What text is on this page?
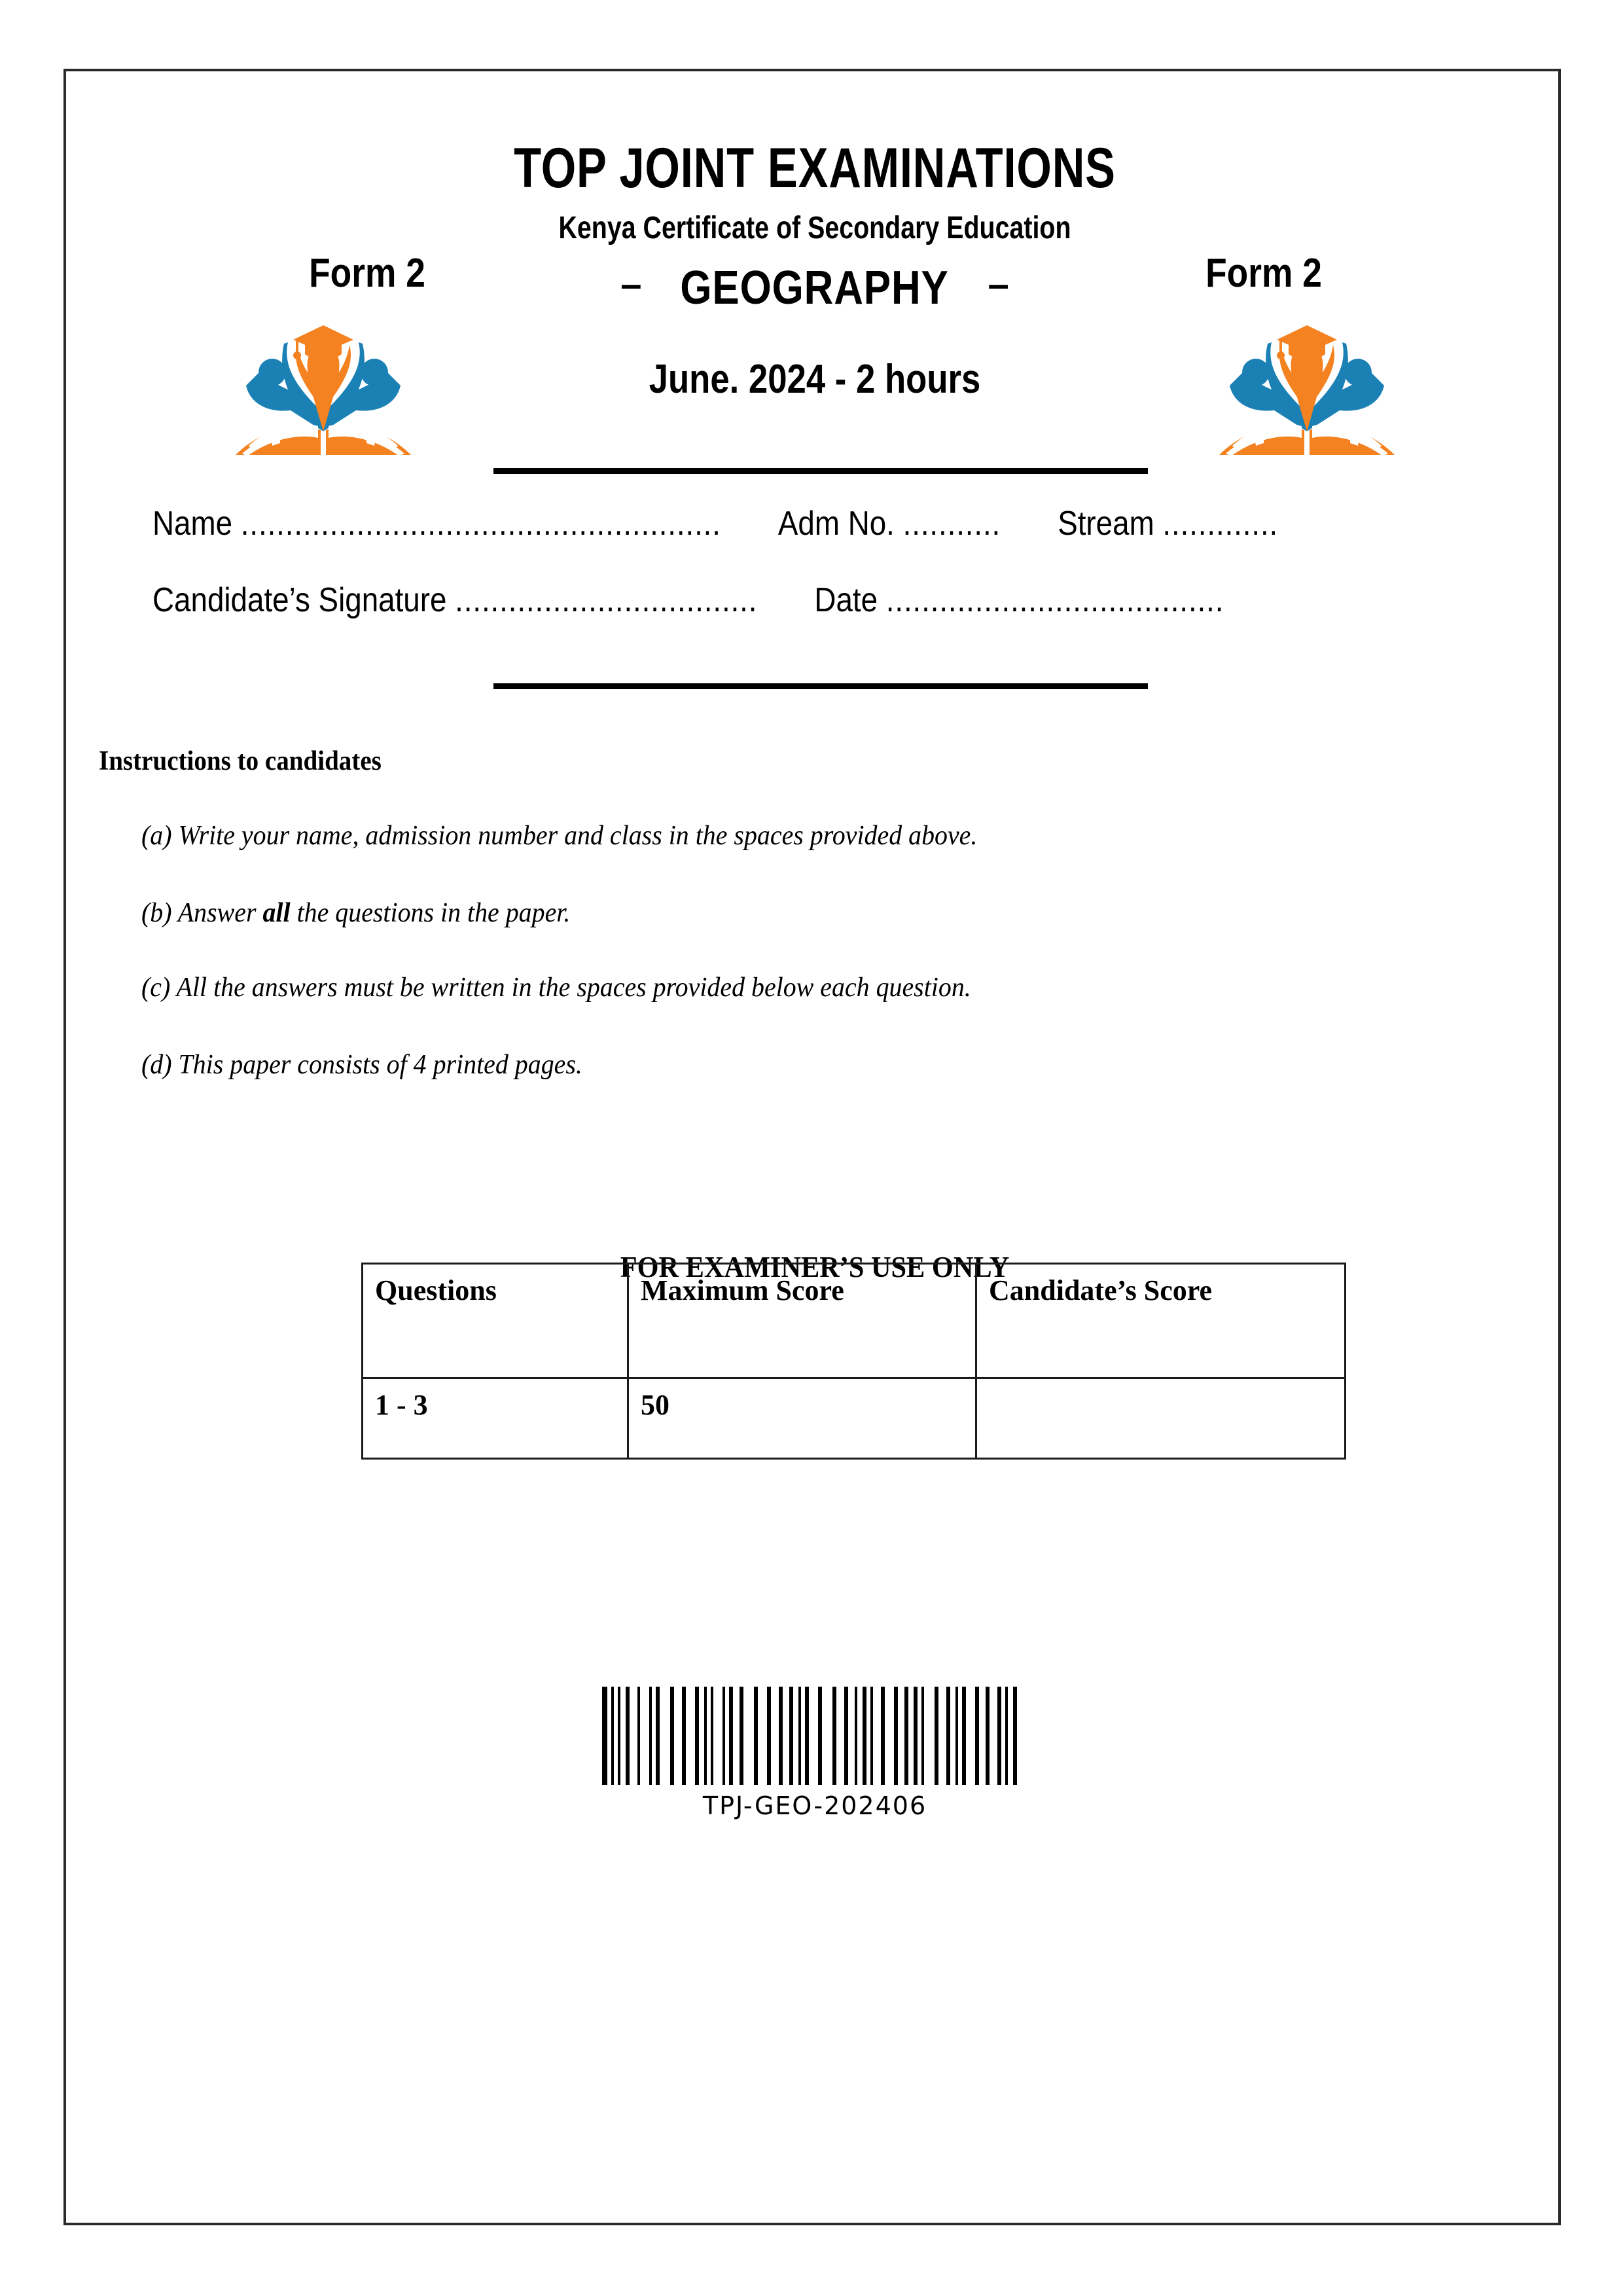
TOP JOINT EXAMINATIONS
Kenya Certificate of Secondary Education
Form 2	Form 2
– GEOGRAPHY –
June. 2024 - 2 hours
Name ...................................................... Adm No. ........... Stream .............
Candidate’s Signature .................................. Date ......................................
Instructions to candidates
(a) Write your name, admission number and class in the spaces provided above.
(b) Answer all the questions in the paper.
(c) All the answers must be written in the spaces provided below each question.
(d) This paper consists of 4 printed pages.
FOR EXAMINER’S USE ONLY
Questions	Maximum Score	Candidate’s Score
1 - 3	50	
TPJ-GEO-202406
